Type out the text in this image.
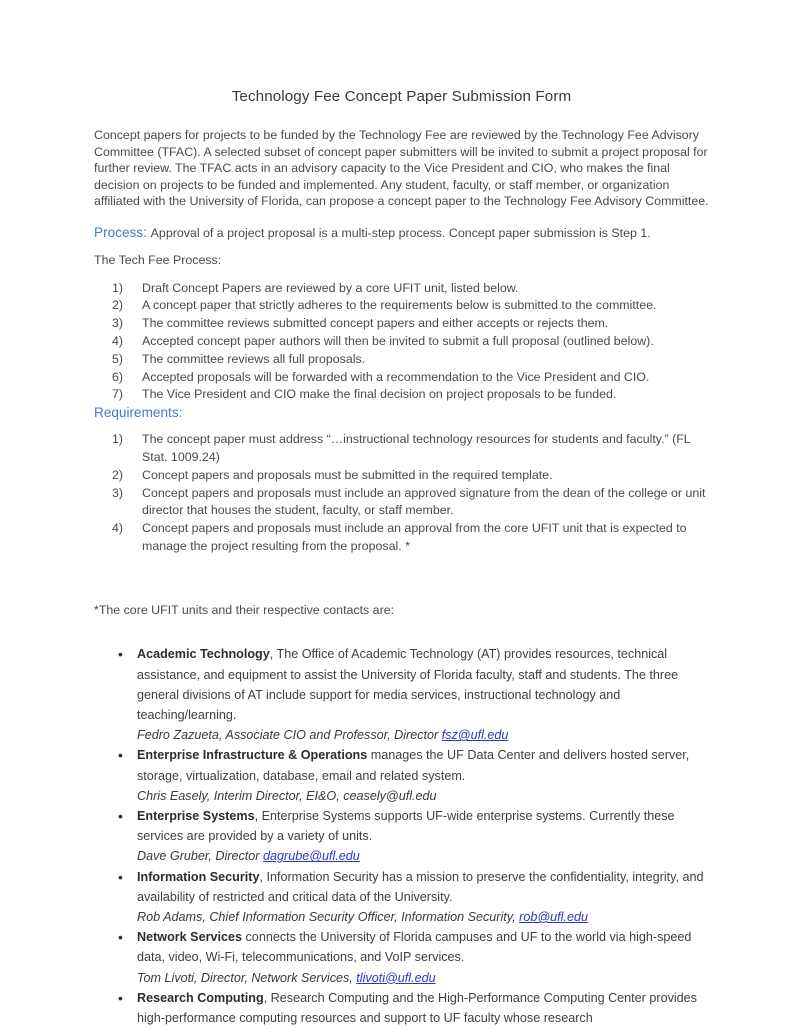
Technology Fee Concept Paper Submission Form

Concept papers for projects to be funded by the Technology Fee are reviewed by the Technology Fee Advisory Committee (TFAC). A selected subset of concept paper submitters will be invited to submit a project proposal for further review. The TFAC acts in an advisory capacity to the Vice President and CIO, who makes the final decision on projects to be funded and implemented. Any student, faculty, or staff member, or organization affiliated with the University of Florida, can propose a concept paper to the Technology Fee Advisory Committee.

Process: Approval of a project proposal is a multi-step process. Concept paper submission is Step 1.
The Tech Fee Process:
1)	Draft Concept Papers are reviewed by a core UFIT unit, listed below.
2)	A concept paper that strictly adheres to the requirements below is submitted to the committee.
3)	The committee reviews submitted concept papers and either accepts or rejects them.
4)	Accepted concept paper authors will then be invited to submit a full proposal (outlined below).
5)	The committee reviews all full proposals.
6)	Accepted proposals will be forwarded with a recommendation to the Vice President and CIO.
7)	The Vice President and CIO make the final decision on project proposals to be funded.
Requirements:
1)	The concept paper must address “…instructional technology resources for students and faculty.” (FL Stat. 1009.24)
2)	Concept papers and proposals must be submitted in the required template.
3)	Concept papers and proposals must include an approved signature from the dean of the college or unit director that houses the student, faculty, or staff member.
4)	Concept papers and proposals must include an approval from the core UFIT unit that is expected to manage the project resulting from the proposal. *
*The core UFIT units and their respective contacts are:
• Academic Technology, The Office of Academic Technology (AT) provides resources, technical assistance, and equipment to assist the University of Florida faculty, staff and students. The three general divisions of AT include support for media services, instructional technology and teaching/learning.
Fedro Zazueta, Associate CIO and Professor, Director fsz@ufl.edu
• Enterprise Infrastructure & Operations manages the UF Data Center and delivers hosted server, storage, virtualization, database, email and related system.
Chris Easely, Interim Director, EI&O, ceasely@ufl.edu
• Enterprise Systems, Enterprise Systems supports UF-wide enterprise systems. Currently these services are provided by a variety of units.
Dave Gruber, Director dagrube@ufl.edu
• Information Security, Information Security has a mission to preserve the confidentiality, integrity, and availability of restricted and critical data of the University.
Rob Adams, Chief Information Security Officer, Information Security, rob@ufl.edu
• Network Services connects the University of Florida campuses and UF to the world via high-speed data, video, Wi-Fi, telecommunications, and VoIP services.
Tom Livoti, Director, Network Services, tlivoti@ufl.edu
• Research Computing, Research Computing and the High-Performance Computing Center provides high-performance computing resources and support to UF faculty whose research
